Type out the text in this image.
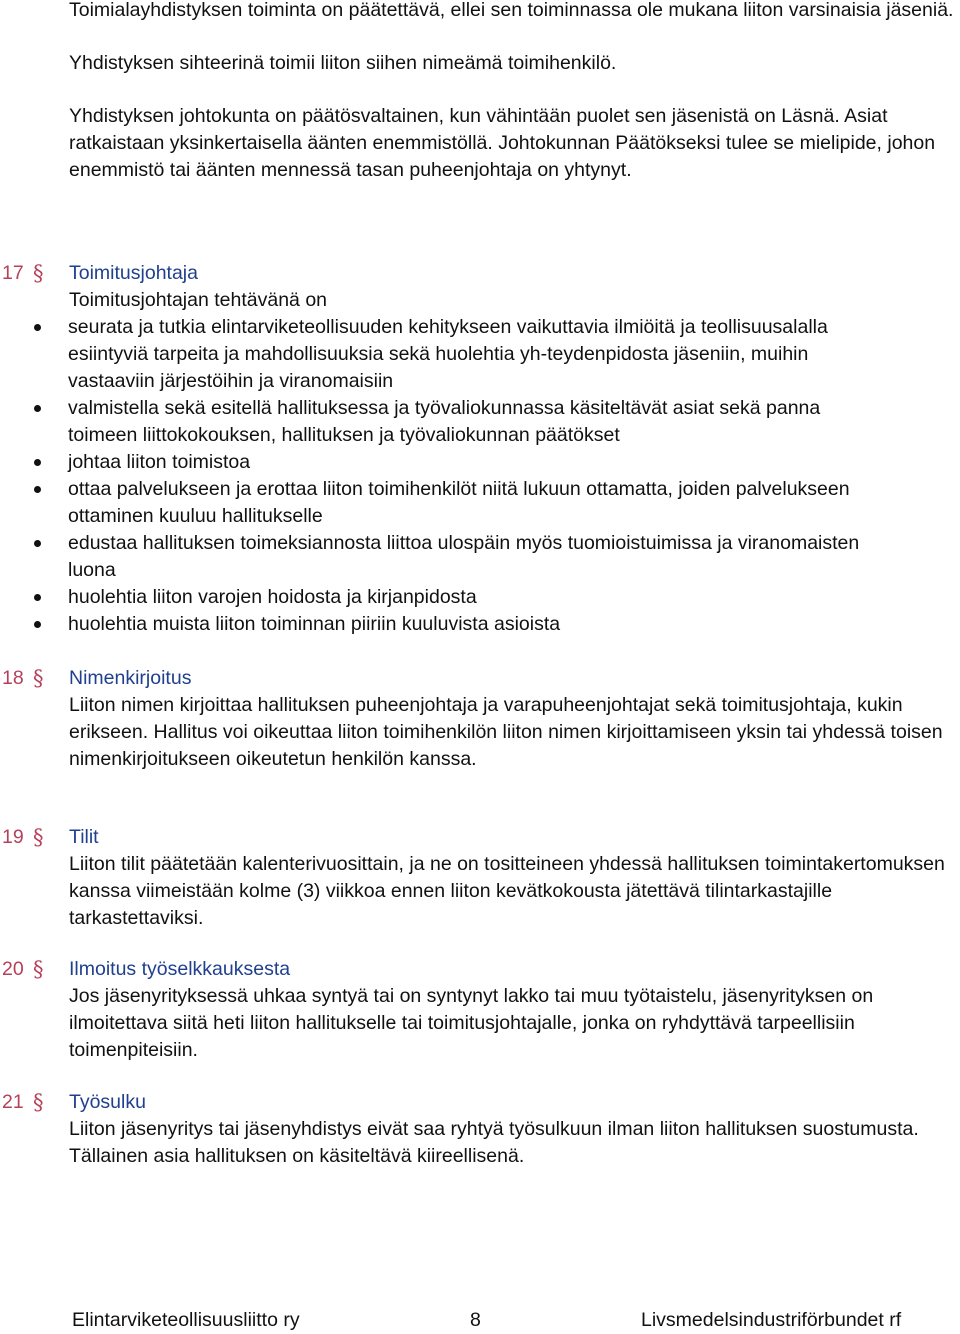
Toimialayhdistyksen toiminta on päätettävä, ellei sen toiminnassa ole mukana liiton varsinaisia jäseniä.

Yhdistyksen sihteerinä toimii liiton siihen nimeämä toimihenkilö.

Yhdistyksen johtokunta on päätösvaltainen, kun vähintään puolet sen jäsenistä on Läsnä. Asiat ratkaistaan yksinkertaisella äänten enemmistöllä. Johtokunnan Päätökseksi tulee se mielipide, johon enemmistö tai äänten mennessä tasan puheenjohtaja on yhtynyt.

17 § Toimitusjohtaja

Toimitusjohtajan tehtävänä on

seurata ja tutkia elintarviketeollisuuden kehitykseen vaikuttavia ilmiöitä ja teollisuusalalla esiintyviä tarpeita ja mahdollisuuksia sekä huolehtia yh-teydenpidosta jäseniin, muihin vastaaviin järjestöihin ja viranomaisiin
valmistella sekä esitellä hallituksessa ja työvaliokunnassa käsiteltävät asiat sekä panna toimeen liittokokouksen, hallituksen ja työvaliokunnan päätökset
johtaa liiton toimistoa
ottaa palvelukseen ja erottaa liiton toimihenkilöt niitä lukuun ottamatta, joiden palvelukseen ottaminen kuuluu hallitukselle
edustaa hallituksen toimeksiannosta liittoa ulospäin myös tuomioistuimissa ja viranomaisten luona
huolehtia liiton varojen hoidosta ja kirjanpidosta
huolehtia muista liiton toiminnan piiriin kuuluvista asioista
18 § Nimenkirjoitus

Liiton nimen kirjoittaa hallituksen puheenjohtaja ja varapuheenjohtajat sekä toimitusjohtaja, kukin erikseen. Hallitus voi oikeuttaa liiton toimihenkilön liiton nimen kirjoittamiseen yksin tai yhdessä toisen nimenkirjoitukseen oikeutetun henkilön kanssa.

19 § Tilit

Liiton tilit päätetään kalenterivuosittain, ja ne on tositteineen yhdessä hallituksen toimintakertomuksen kanssa viimeistään kolme (3) viikkoa ennen liiton kevätkokousta jätettävä tilintarkastajille tarkastettaviksi.

20 § Ilmoitus työselkkauksesta

Jos jäsenyrityksessä uhkaa syntyä tai on syntynyt lakko tai muu työtaistelu, jäsenyrityksen on ilmoitettava siitä heti liiton hallitukselle tai toimitusjohtajalle, jonka on ryhdyttävä tarpeellisiin toimenpiteisiin.

21 § Työsulku

Liiton jäsenyritys tai jäsenyhdistys eivät saa ryhtyä työsulkuun ilman liiton hallituksen suostumusta. Tällainen asia hallituksen on käsiteltävä kiireellisenä.

Elintarviketeollisuusliitto ry	8	Livsmedelsindustriförbundet rf
